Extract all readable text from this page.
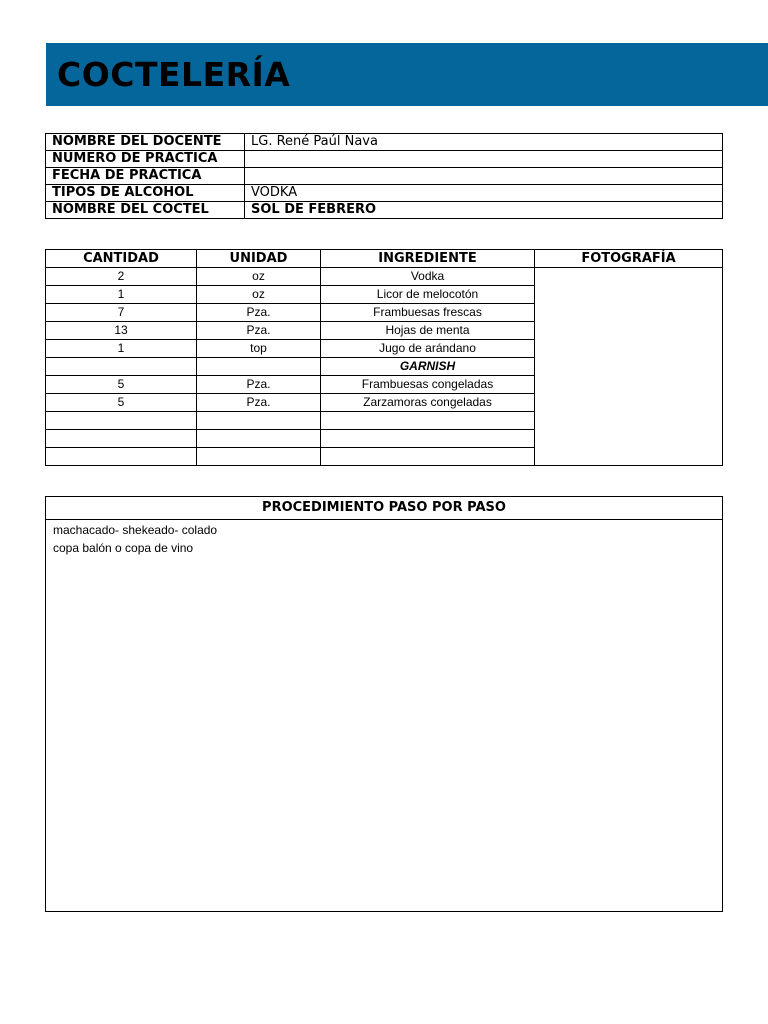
COCTELERÍA
NOMBRE DEL DOCENTE	LG. René Paúl Nava
NUMERO DE PRÁCTICA	
FECHA DE PRÁCTICA	
TIPOS DE ALCOHOL	VODKA
NOMBRE DEL COCTEL	SOL DE FEBRERO
CANTIDAD	UNIDAD	INGREDIENTE	FOTOGRAFÍA
2	oz	Vodka	
1	oz	Licor de melocotón	
7	Pza.	Frambuesas frescas	
13	Pza.	Hojas de menta	
1	top	Jugo de arándano	
		GARNISH	
5	Pza.	Frambuesas congeladas	
5	Pza.	Zarzamoras congeladas	

PROCEDIMIENTO PASO POR PASO
machacado- shekeado- colado
copa balón o copa de vino
